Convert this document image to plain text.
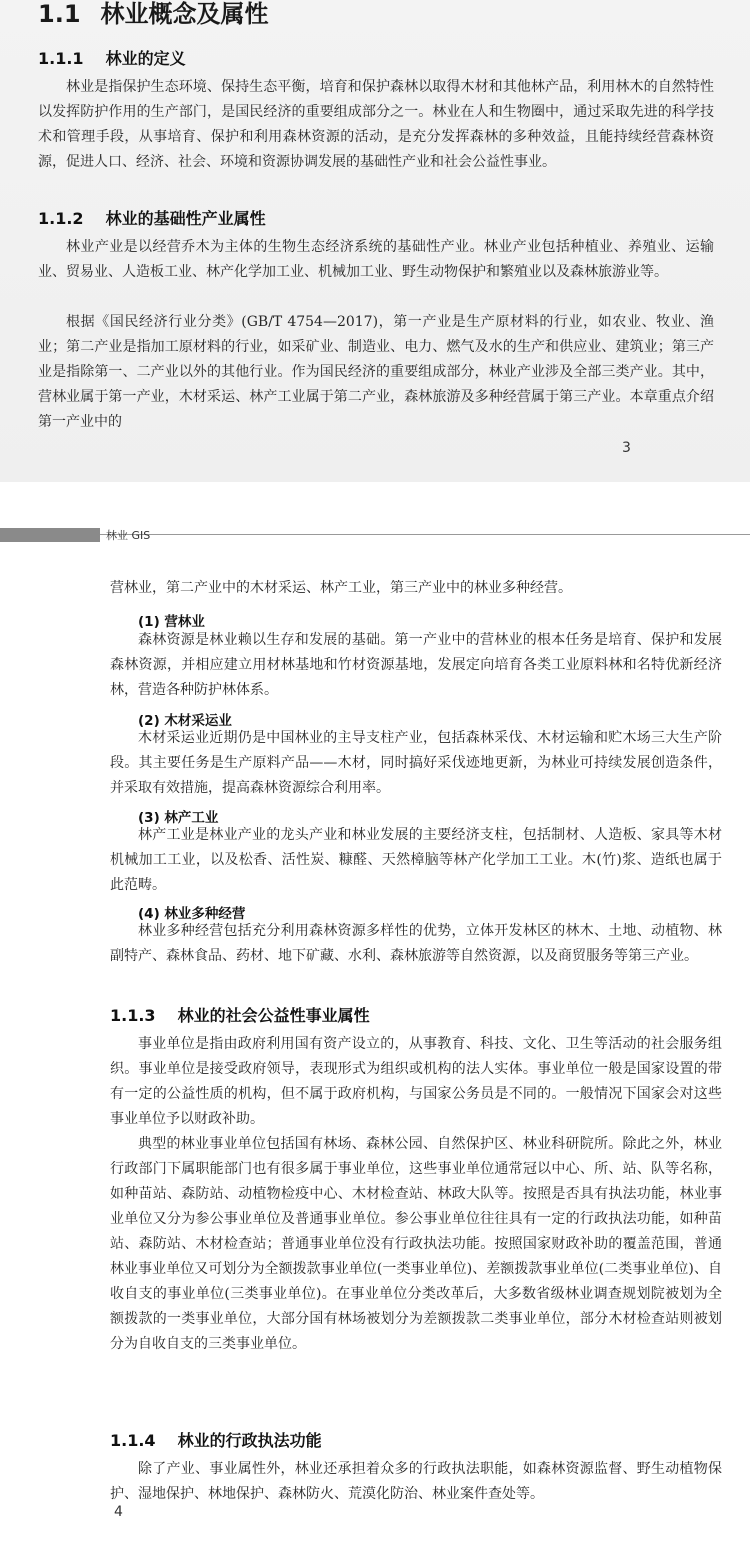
1.1 林业概念及属性
1.1.1 林业的定义

林业是指保护生态环境、保持生态平衡，培育和保护森林以取得木材和其他林产品，利用林木的自然特性以发挥防护作用的生产部门，是国民经济的重要组成部分之一。林业在人和生物圈中，通过采取先进的科学技术和管理手段，从事培育、保护和利用森林资源的活动，是充分发挥森林的多种效益，且能持续经营森林资源，促进人口、经济、社会、环境和资源协调发展的基础性产业和社会公益性事业。

1.1.2 林业的基础性产业属性

林业产业是以经营乔木为主体的生物生态经济系统的基础性产业。林业产业包括种植业、养殖业、运输业、贸易业、人造板工业、林产化学加工业、机械加工业、野生动物保护和繁殖业以及森林旅游业等。

根据《国民经济行业分类》(GB/T 4754—2017)，第一产业是生产原材料的行业，如农业、牧业、渔业；第二产业是指加工原材料的行业，如采矿业、制造业、电力、燃气及水的生产和供应业、建筑业；第三产业是指除第一、二产业以外的其他行业。作为国民经济的重要组成部分，林业产业涉及全部三类产业。其中，营林业属于第一产业，木材采运、林产工业属于第二产业，森林旅游及多种经营属于第三产业。本章重点介绍第一产业中的

3
林业 GIS

营林业，第二产业中的木材采运、林产工业，第三产业中的林业多种经营。

(1) 营林业

森林资源是林业赖以生存和发展的基础。第一产业中的营林业的根本任务是培育、保护和发展森林资源，并相应建立用材林基地和竹材资源基地，发展定向培育各类工业原料林和名特优新经济林，营造各种防护林体系。

(2) 木材采运业

木材采运业近期仍是中国林业的主导支柱产业，包括森林采伐、木材运输和贮木场三大生产阶段。其主要任务是生产原料产品——木材，同时搞好采伐迹地更新，为林业可持续发展创造条件，并采取有效措施，提高森林资源综合利用率。

(3) 林产工业

林产工业是林业产业的龙头产业和林业发展的主要经济支柱，包括制材、人造板、家具等木材机械加工工业，以及松香、活性炭、糠醛、天然樟脑等林产化学加工工业。木(竹)浆、造纸也属于此范畴。

(4) 林业多种经营

林业多种经营包括充分利用森林资源多样性的优势，立体开发林区的林木、土地、动植物、林副特产、森林食品、药材、地下矿藏、水利、森林旅游等自然资源，以及商贸服务等第三产业。

1.1.3 林业的社会公益性事业属性

事业单位是指由政府利用国有资产设立的，从事教育、科技、文化、卫生等活动的社会服务组织。事业单位是接受政府领导，表现形式为组织或机构的法人实体。事业单位一般是国家设置的带有一定的公益性质的机构，但不属于政府机构，与国家公务员是不同的。一般情况下国家会对这些事业单位予以财政补助。

典型的林业事业单位包括国有林场、森林公园、自然保护区、林业科研院所。除此之外，林业行政部门下属职能部门也有很多属于事业单位，这些事业单位通常冠以中心、所、站、队等名称，如种苗站、森防站、动植物检疫中心、木材检查站、林政大队等。按照是否具有执法功能，林业事业单位又分为参公事业单位及普通事业单位。参公事业单位往往具有一定的行政执法功能，如种苗站、森防站、木材检查站；普通事业单位没有行政执法功能。按照国家财政补助的覆盖范围，普通林业事业单位又可划分为全额拨款事业单位(一类事业单位)、差额拨款事业单位(二类事业单位)、自收自支的事业单位(三类事业单位)。在事业单位分类改革后，大多数省级林业调查规划院被划为全额拨款的一类事业单位，大部分国有林场被划分为差额拨款二类事业单位，部分木材检查站则被划分为自收自支的三类事业单位。

1.1.4 林业的行政执法功能

除了产业、事业属性外，林业还承担着众多的行政执法职能，如森林资源监督、野生动植物保护、湿地保护、林地保护、森林防火、荒漠化防治、林业案件查处等。

4
